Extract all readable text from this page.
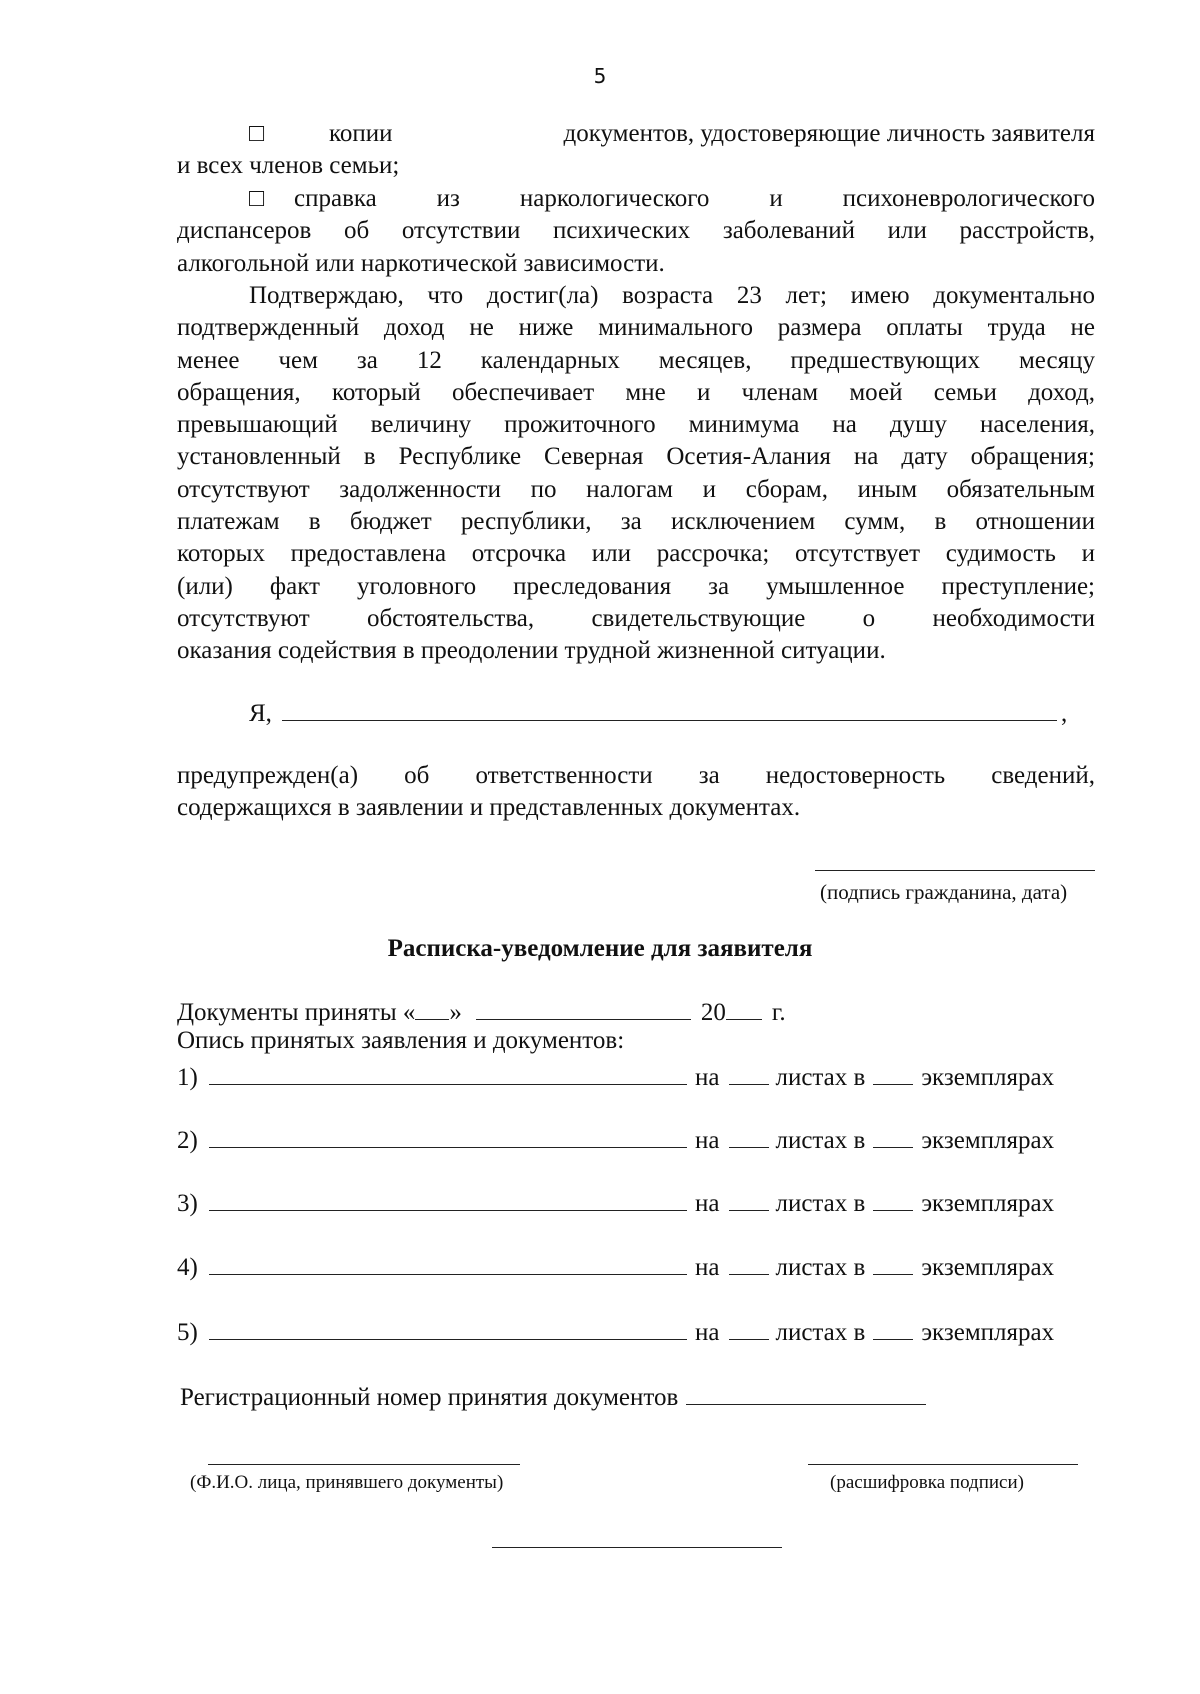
5
□	копии	документов, удостоверяющие личность заявителя
и всех членов семьи;
□	справка из наркологического и психоневрологического
диспансеров об отсутствии психических заболеваний или расстройств,
алкогольной или наркотической зависимости.
Подтверждаю, что достиг(ла) возраста 23 лет; имею документально
подтвержденный доход не ниже минимального размера оплаты труда не
менее чем за 12 календарных месяцев, предшествующих месяцу
обращения, который обеспечивает мне и членам моей семьи доход,
превышающий величину прожиточного минимума на душу населения,
установленный в Республике Северная Осетия-Алания на дату обращения;
отсутствуют задолженности по налогам и сборам, иным обязательным
платежам в бюджет республики, за исключением сумм, в отношении
которых предоставлена отсрочка или рассрочка; отсутствует судимость и
(или) факт уголовного преследования за умышленное преступление;
отсутствуют обстоятельства, свидетельствующие о необходимости
оказания содействия в преодолении трудной жизненной ситуации.
Я,	,
предупрежден(а) об ответственности за недостоверность сведений,
содержащихся в заявлении и представленных документах.
(подпись гражданина, дата)
Расписка-уведомление для заявителя
Документы приняты « »	20 г.
Опись принятых заявления и документов:
1)	на листах в экземплярах
2)	на листах в экземплярах
3)	на листах в экземплярах
4)	на листах в экземплярах
5)	на листах в экземплярах
Регистрационный номер принятия документов
(Ф.И.О. лица, принявшего документы)	(расшифровка подписи)
